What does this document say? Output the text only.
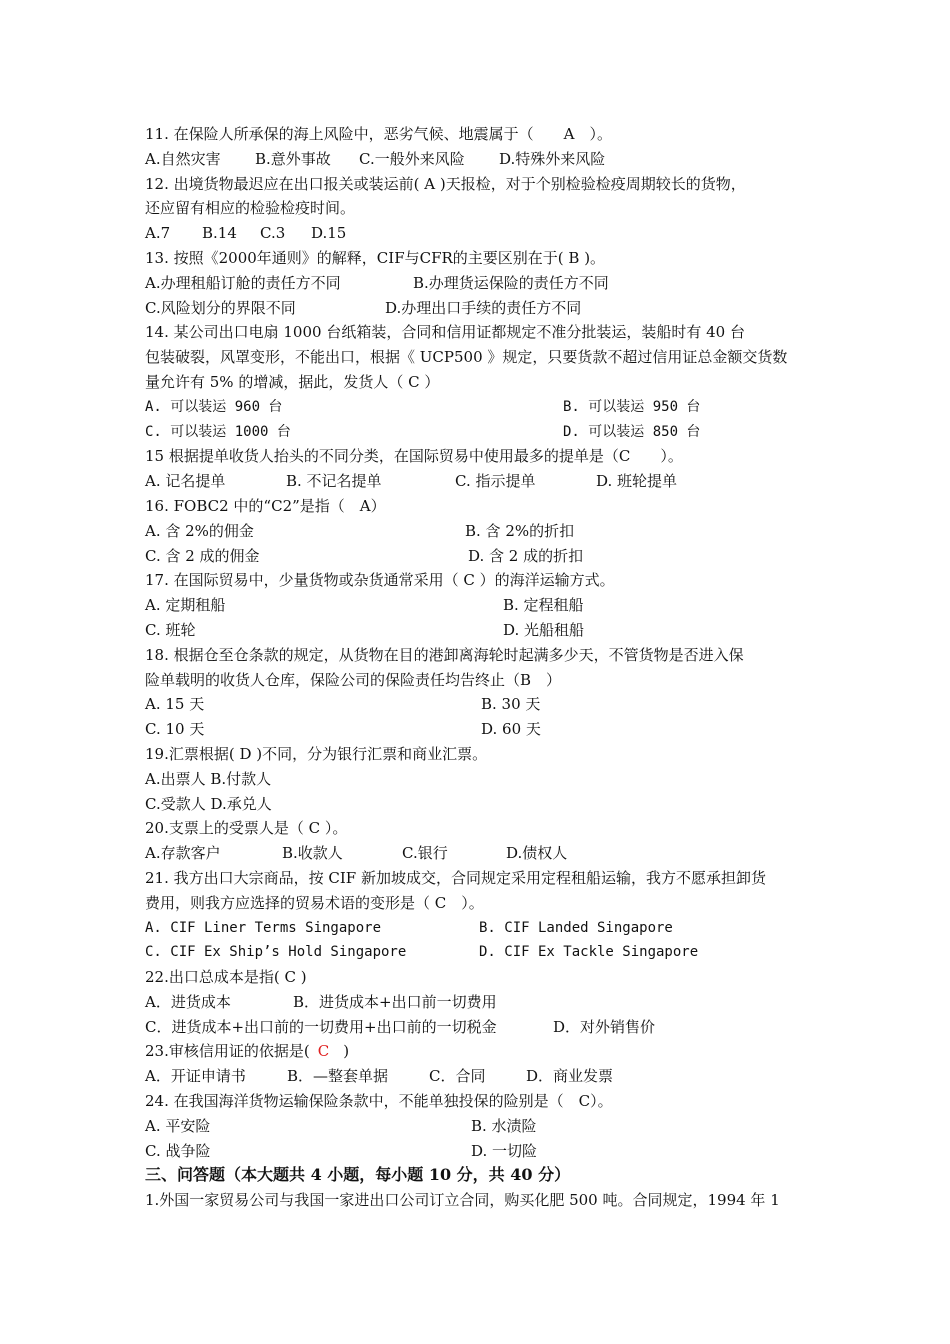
11. 在保险人所承保的海上风险中，恶劣气候、地震属于（　　A　）。
A.自然灾害 B.意外事故 C.一般外来风险 D.特殊外来风险
12. 出境货物最迟应在出口报关或装运前( A )天报检，对于个别检验检疫周期较长的货物，
还应留有相应的检验检疫时间。
A.7 B.14 C.3 D.15
13. 按照《2000年通则》的解释，CIF与CFR的主要区别在于( B )。
A.办理租船订舱的责任方不同	B.办理货运保险的责任方不同
C.风险划分的界限不同	D.办理出口手续的责任方不同
14. 某公司出口电扇 1000 台纸箱装，合同和信用证都规定不准分批装运，装船时有 40 台
包装破裂，风罩变形，不能出口，根据《 UCP500 》规定，只要货款不超过信用证总金额交货数
量允许有 5% 的增减，据此，发货人（ C ）
A. 可以装运 960 台	B. 可以装运 950 台
C. 可以装运 1000 台	D. 可以装运 850 台
15 根据提单收货人抬头的不同分类，在国际贸易中使用最多的提单是（C　　）。
A. 记名提单	B. 不记名提单	C. 指示提单	D. 班轮提单
16. FOBC2 中的“C2”是指（　A）
A. 含 2%的佣金	B. 含 2%的折扣
C. 含 2 成的佣金	D. 含 2 成的折扣
17. 在国际贸易中，少量货物或杂货通常采用（ C ）的海洋运输方式。
A. 定期租船	B. 定程租船
C. 班轮	D. 光船租船
18. 根据仓至仓条款的规定，从货物在目的港卸离海轮时起满多少天，不管货物是否进入保
险单载明的收货人仓库，保险公司的保险责任均告终止（B　）
A. 15 天	B. 30 天
C. 10 天	D. 60 天
19.汇票根据( D )不同，分为银行汇票和商业汇票。
A.出票人 B.付款人
C.受款人 D.承兑人
20.支票上的受票人是（ C ）。
A.存款客户	B.收款人	C.银行	D.债权人
21. 我方出口大宗商品，按 CIF 新加坡成交，合同规定采用定程租船运输，我方不愿承担卸货
费用，则我方应选择的贸易术语的变形是（ C　）。
A. CIF Liner Terms Singapore	B. CIF Landed Singapore
C. CIF Ex Ship’s Hold Singapore	D. CIF Ex Tackle Singapore
22.出口总成本是指( C )
A．进货成本	B．进货成本+出口前一切费用
C．进货成本+出口前的一切费用+出口前的一切税金	D．对外销售价
23.审核信用证的依据是( C )
A．开证申请书	B．—整套单据	C．合同	D．商业发票
24. 在我国海洋货物运输保险条款中，不能单独投保的险别是（　C）。
A. 平安险	B. 水渍险
C. 战争险	D. 一切险
三、问答题（本大题共 4 小题，每小题 10 分，共 40 分）
1.外国一家贸易公司与我国一家进出口公司订立合同，购买化肥 500 吨。合同规定，1994 年 1
